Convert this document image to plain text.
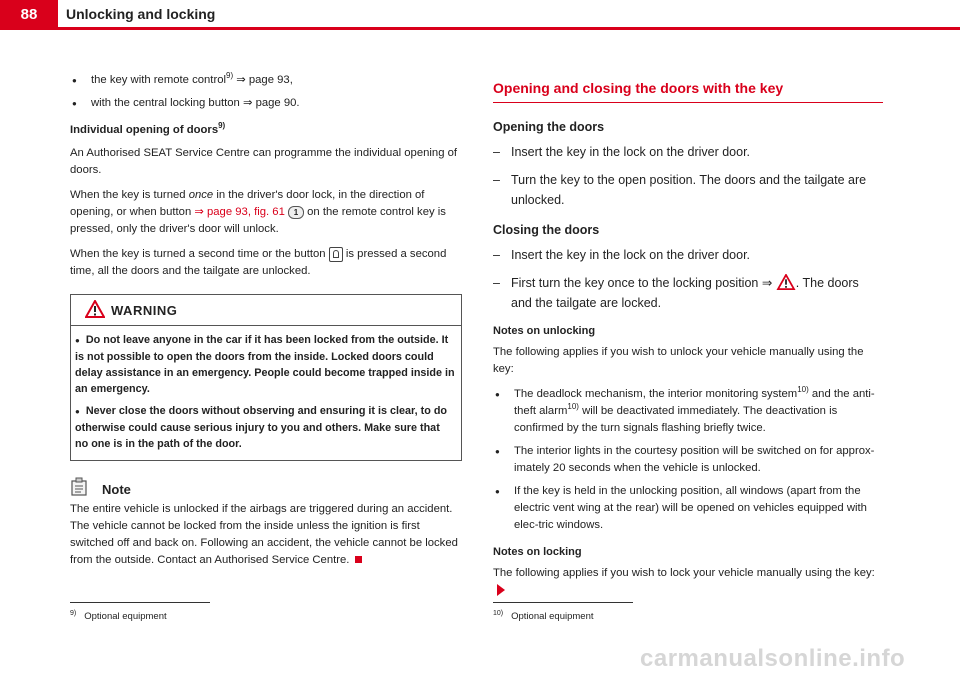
88	Unlocking and locking
● the key with remote control$^{9)}$ ⇒ page 93,
● with the central locking button ⇒ page 90.
Individual opening of doors$^{9)}$

An Authorised SEAT Service Centre can programme the individual opening of doors.

When the key is turned once in the driver's door lock, in the direction of opening, or when button ⇒ page 93, fig. 61 1 on the remote control key is pressed, only the driver's door will unlock.

When the key is turned a second time or the button  is pressed a second time, all the doors and the tailgate are unlocked.

WARNING
● Do not leave anyone in the car if it has been locked from the outside. It is not possible to open the doors from the inside. Locked doors could delay assistance in an emergency. People could become trapped inside in an emergency.
● Never close the doors without observing and ensuring it is clear, to do otherwise could cause serious injury to you and others. Make sure that no one is in the path of the door.
Note
The entire vehicle is unlocked if the airbags are triggered during an accident. The vehicle cannot be locked from the inside unless the ignition is first switched off and back on. Following an accident, the vehicle cannot be locked from the outside. Contact an Authorised Service Centre.
Opening and closing the doors with the key
Opening the doors
– Insert the key in the lock on the driver door.
– Turn the key to the open position. The doors and the tailgate are unlocked.
Closing the doors
– Insert the key in the lock on the driver door.
– First turn the key once to the locking position ⇒ . The doors and the tailgate are locked.
Notes on unlocking

The following applies if you wish to unlock your vehicle manually using the key:

● The deadlock mechanism, the interior monitoring system$^{10)}$ and the anti-theft alarm$^{10)}$ will be deactivated immediately. The deactivation is confirmed by the turn signals flashing briefly twice.
● The interior lights in the courtesy position will be switched on for approx-imately 20 seconds when the vehicle is unlocked.
● If the key is held in the unlocking position, all windows (apart from the electric vent wing at the rear) will be opened on vehicles equipped with elec-tric windows.
Notes on locking

The following applies if you wish to lock your vehicle manually using the key:

$^{9)}$ Optional equipment	$^{10)}$ Optional equipment
carmanualsonline.info
